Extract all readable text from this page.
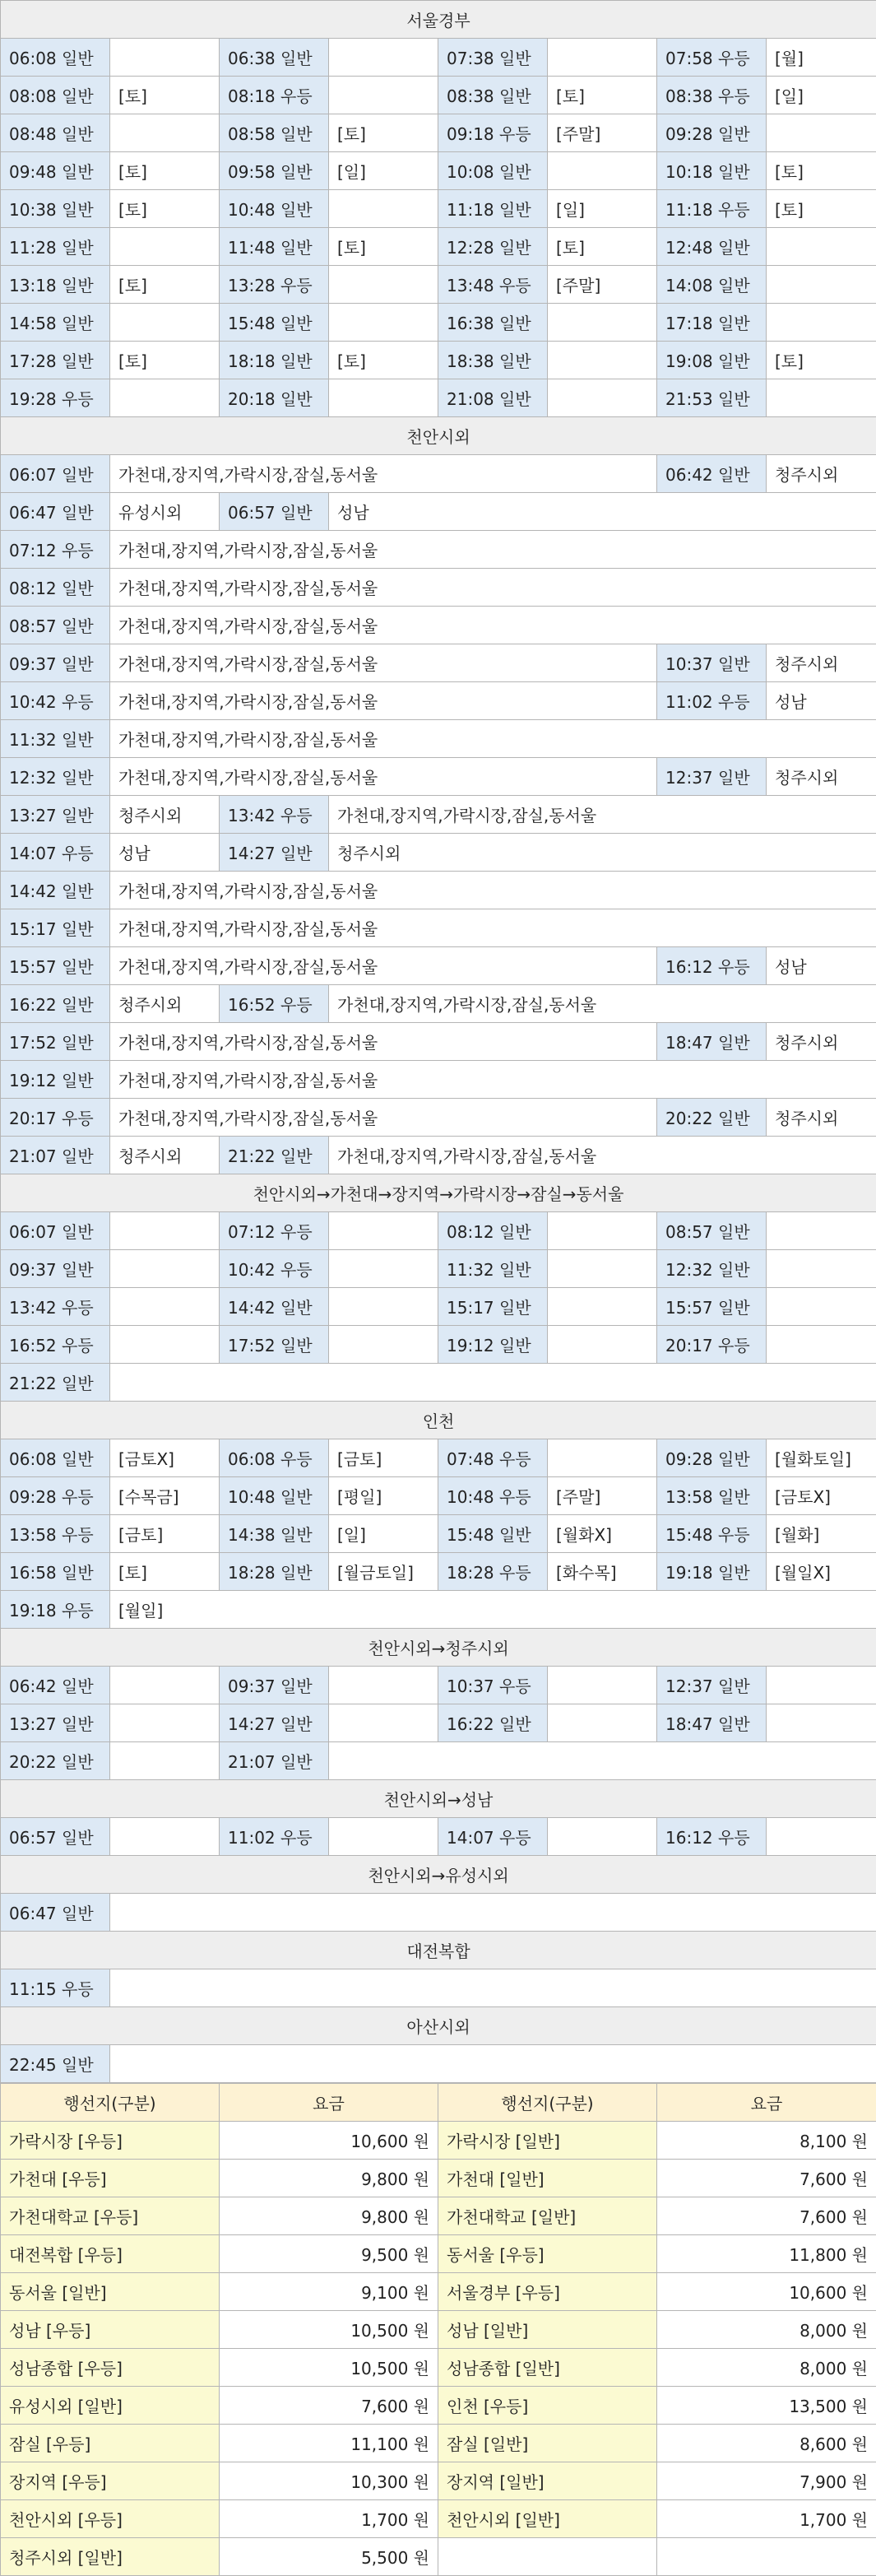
서울경부							
06:08 일반		06:38 일반		07:38 일반		07:58 우등	[월]
08:08 일반	[토]	08:18 우등		08:38 일반	[토]	08:38 우등	[일]
08:48 일반		08:58 일반	[토]	09:18 우등	[주말]	09:28 일반	
09:48 일반	[토]	09:58 일반	[일]	10:08 일반		10:18 일반	[토]
10:38 일반	[토]	10:48 일반		11:18 일반	[일]	11:18 우등	[토]
11:28 일반		11:48 일반	[토]	12:28 일반	[토]	12:48 일반	
13:18 일반	[토]	13:28 우등		13:48 우등	[주말]	14:08 일반	
14:58 일반		15:48 일반		16:38 일반		17:18 일반	
17:28 일반	[토]	18:18 일반	[토]	18:38 일반		19:08 일반	[토]
19:28 우등		20:18 일반		21:08 일반		21:53 일반	
천안시외							
06:07 일반	가천대,장지역,가락시장,잠실,동서울					06:42 일반	청주시외
06:47 일반	유성시외	06:57 일반	성남				
07:12 우등	가천대,장지역,가락시장,잠실,동서울						
08:12 일반	가천대,장지역,가락시장,잠실,동서울						
08:57 일반	가천대,장지역,가락시장,잠실,동서울						
09:37 일반	가천대,장지역,가락시장,잠실,동서울					10:37 일반	청주시외
10:42 우등	가천대,장지역,가락시장,잠실,동서울					11:02 우등	성남
11:32 일반	가천대,장지역,가락시장,잠실,동서울						
12:32 일반	가천대,장지역,가락시장,잠실,동서울					12:37 일반	청주시외
13:27 일반	청주시외	13:42 우등	가천대,장지역,가락시장,잠실,동서울				
14:07 우등	성남	14:27 일반	청주시외				
14:42 일반	가천대,장지역,가락시장,잠실,동서울						
15:17 일반	가천대,장지역,가락시장,잠실,동서울						
15:57 일반	가천대,장지역,가락시장,잠실,동서울					16:12 우등	성남
16:22 일반	청주시외	16:52 우등	가천대,장지역,가락시장,잠실,동서울				
17:52 일반	가천대,장지역,가락시장,잠실,동서울					18:47 일반	청주시외
19:12 일반	가천대,장지역,가락시장,잠실,동서울						
20:17 우등	가천대,장지역,가락시장,잠실,동서울					20:22 일반	청주시외
21:07 일반	청주시외	21:22 일반	가천대,장지역,가락시장,잠실,동서울				
천안시외→가천대→장지역→가락시장→잠실→동서울							
06:07 일반		07:12 우등		08:12 일반		08:57 일반	
09:37 일반		10:42 우등		11:32 일반		12:32 일반	
13:42 우등		14:42 일반		15:17 일반		15:57 일반	
16:52 우등		17:52 일반		19:12 일반		20:17 우등	
21:22 일반							
인천							
06:08 일반	[금토X]	06:08 우등	[금토]	07:48 우등		09:28 일반	[월화토일]
09:28 우등	[수목금]	10:48 일반	[평일]	10:48 우등	[주말]	13:58 일반	[금토X]
13:58 우등	[금토]	14:38 일반	[일]	15:48 일반	[월화X]	15:48 우등	[월화]
16:58 일반	[토]	18:28 일반	[월금토일]	18:28 우등	[화수목]	19:18 일반	[월일X]
19:18 우등	[월일]						
천안시외→청주시외							
06:42 일반		09:37 일반		10:37 우등		12:37 일반	
13:27 일반		14:27 일반		16:22 일반		18:47 일반	
20:22 일반		21:07 일반					
천안시외→성남							
06:57 일반		11:02 우등		14:07 우등		16:12 우등	
천안시외→유성시외							
06:47 일반							
대전복합							
11:15 우등							
아산시외							
22:45 일반							
행선지(구분)	요금	행선지(구분)	요금
가락시장 [우등]	10,600 원	가락시장 [일반]	8,100 원
가천대 [우등]	9,800 원	가천대 [일반]	7,600 원
가천대학교 [우등]	9,800 원	가천대학교 [일반]	7,600 원
대전복합 [우등]	9,500 원	동서울 [우등]	11,800 원
동서울 [일반]	9,100 원	서울경부 [우등]	10,600 원
성남 [우등]	10,500 원	성남 [일반]	8,000 원
성남종합 [우등]	10,500 원	성남종합 [일반]	8,000 원
유성시외 [일반]	7,600 원	인천 [우등]	13,500 원
잠실 [우등]	11,100 원	잠실 [일반]	8,600 원
장지역 [우등]	10,300 원	장지역 [일반]	7,900 원
천안시외 [우등]	1,700 원	천안시외 [일반]	1,700 원
청주시외 [일반]	5,500 원		
